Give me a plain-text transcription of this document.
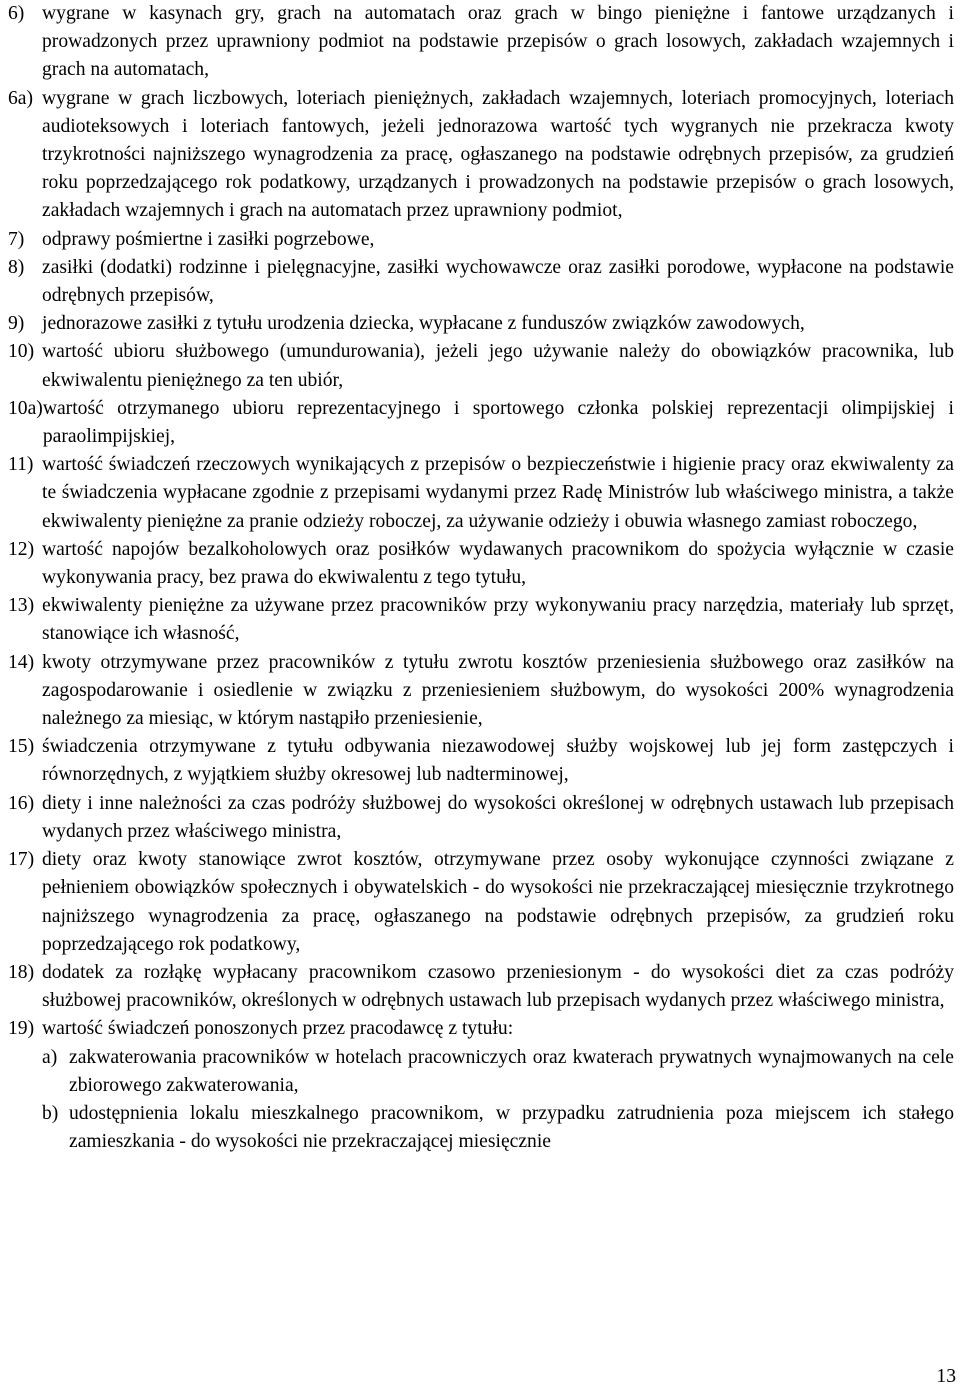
6) wygrane w kasynach gry, grach na automatach oraz grach w bingo pieniężne i fantowe urządzanych i prowadzonych przez uprawniony podmiot na podstawie przepisów o grach losowych, zakładach wzajemnych i grach na automatach,
6a) wygrane w grach liczbowych, loteriach pieniężnych, zakładach wzajemnych, loteriach promocyjnych, loteriach audioteksowych i loteriach fantowych, jeżeli jednorazowa wartość tych wygranych nie przekracza kwoty trzykrotności najniższego wynagrodzenia za pracę, ogłaszanego na podstawie odrębnych przepisów, za grudzień roku poprzedzającego rok podatkowy, urządzanych i prowadzonych na podstawie przepisów o grach losowych, zakładach wzajemnych i grach na automatach przez uprawniony podmiot,
7) odprawy pośmiertne i zasiłki pogrzebowe,
8) zasiłki (dodatki) rodzinne i pielęgnacyjne, zasiłki wychowawcze oraz zasiłki porodowe, wypłacone na podstawie odrębnych przepisów,
9) jednorazowe zasiłki z tytułu urodzenia dziecka, wypłacane z funduszów związków zawodowych,
10) wartość ubioru służbowego (umundurowania), jeżeli jego używanie należy do obowiązków pracownika, lub ekwiwalentu pieniężnego za ten ubiór,
10a) wartość otrzymanego ubioru reprezentacyjnego i sportowego członka polskiej reprezentacji olimpijskiej i paraolimpijskiej,
11) wartość świadczeń rzeczowych wynikających z przepisów o bezpieczeństwie i higienie pracy oraz ekwiwalenty za te świadczenia wypłacane zgodnie z przepisami wydanymi przez Radę Ministrów lub właściwego ministra, a także ekwiwalenty pieniężne za pranie odzieży roboczej, za używanie odzieży i obuwia własnego zamiast roboczego,
12) wartość napojów bezalkoholowych oraz posiłków wydawanych pracownikom do spożycia wyłącznie w czasie wykonywania pracy, bez prawa do ekwiwalentu z tego tytułu,
13) ekwiwalenty pieniężne za używane przez pracowników przy wykonywaniu pracy narzędzia, materiały lub sprzęt, stanowiące ich własność,
14) kwoty otrzymywane przez pracowników z tytułu zwrotu kosztów przeniesienia służbowego oraz zasiłków na zagospodarowanie i osiedlenie w związku z przeniesieniem służbowym, do wysokości 200% wynagrodzenia należnego za miesiąc, w którym nastąpiło przeniesienie,
15) świadczenia otrzymywane z tytułu odbywania niezawodowej służby wojskowej lub jej form zastępczych i równorzędnych, z wyjątkiem służby okresowej lub nadterminowej,
16) diety i inne należności za czas podróży służbowej do wysokości określonej w odrębnych ustawach lub przepisach wydanych przez właściwego ministra,
17) diety oraz kwoty stanowiące zwrot kosztów, otrzymywane przez osoby wykonujące czynności związane z pełnieniem obowiązków społecznych i obywatelskich - do wysokości nie przekraczającej miesięcznie trzykrotnego najniższego wynagrodzenia za pracę, ogłaszanego na podstawie odrębnych przepisów, za grudzień roku poprzedzającego rok podatkowy,
18) dodatek za rozłąkę wypłacany pracownikom czasowo przeniesionym - do wysokości diet za czas podróży służbowej pracowników, określonych w odrębnych ustawach lub przepisach wydanych przez właściwego ministra,
19) wartość świadczeń ponoszonych przez pracodawcę z tytułu:
a) zakwaterowania pracowników w hotelach pracowniczych oraz kwaterach prywatnych wynajmowanych na cele zbiorowego zakwaterowania,
b) udostępnienia lokalu mieszkalnego pracownikom, w przypadku zatrudnienia poza miejscem ich stałego zamieszkania - do wysokości nie przekraczającej miesięcznie
13
